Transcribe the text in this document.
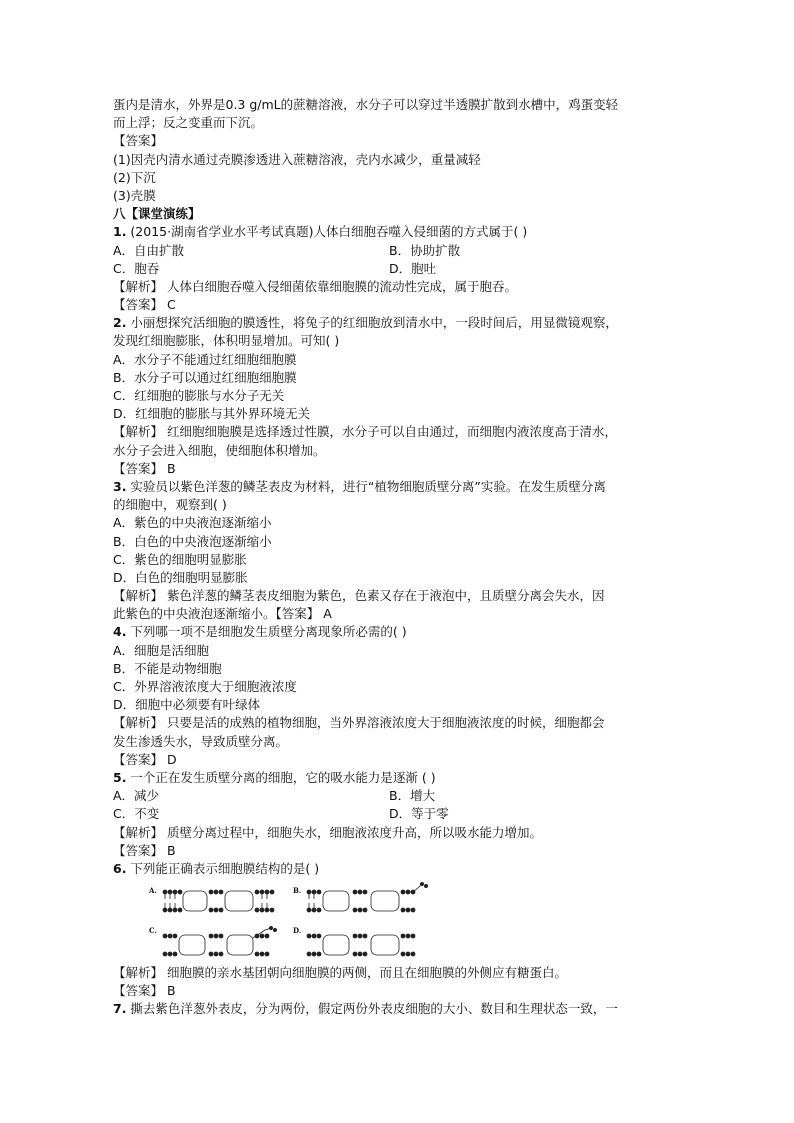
蛋内是清水，外界是0.3 g/mL的蔗糖溶液，水分子可以穿过半透膜扩散到水槽中，鸡蛋变轻
而上浮；反之变重而下沉。
【答案】
(1)因壳内清水通过壳膜渗透进入蔗糖溶液，壳内水减少，重量减轻
(2)下沉
(3)壳膜
八【课堂演练】
1. (2015·湖南省学业水平考试真题)人体白细胞吞噬入侵细菌的方式属于( )
A．自由扩散	B．协助扩散
C．胞吞	D．胞吐
【解析】 人体白细胞吞噬入侵细菌依靠细胞膜的流动性完成，属于胞吞。
【答案】 C
2. 小丽想探究活细胞的膜透性，将兔子的红细胞放到清水中，一段时间后，用显微镜观察，
发现红细胞膨胀，体积明显增加。可知( )
A．水分子不能通过红细胞细胞膜
B．水分子可以通过红细胞细胞膜
C．红细胞的膨胀与水分子无关
D．红细胞的膨胀与其外界环境无关
【解析】 红细胞细胞膜是选择透过性膜，水分子可以自由通过，而细胞内液浓度高于清水，
水分子会进入细胞，使细胞体积增加。
【答案】 B
3. 实验员以紫色洋葱的鳞茎表皮为材料，进行“植物细胞质壁分离”实验。在发生质壁分离
的细胞中，观察到( )
A．紫色的中央液泡逐渐缩小
B．白色的中央液泡逐渐缩小
C．紫色的细胞明显膨胀
D．白色的细胞明显膨胀
【解析】 紫色洋葱的鳞茎表皮细胞为紫色，色素又存在于液泡中，且质壁分离会失水，因
此紫色的中央液泡逐渐缩小。【答案】 A
4. 下列哪一项不是细胞发生质壁分离现象所必需的( )
A．细胞是活细胞
B．不能是动物细胞
C．外界溶液浓度大于细胞液浓度
D．细胞中必须要有叶绿体
【解析】 只要是活的成熟的植物细胞，当外界溶液浓度大于细胞液浓度的时候，细胞都会
发生渗透失水，导致质壁分离。
【答案】 D
5. 一个正在发生质壁分离的细胞，它的吸水能力是逐渐 ( )
A．减少	B．增大
C．不变	D．等于零
【解析】 质壁分离过程中，细胞失水，细胞液浓度升高，所以吸水能力增加。
【答案】 B
6. 下列能正确表示细胞膜结构的是( )
A.	B.
C.	D.
【解析】 细胞膜的亲水基团朝向细胞膜的两侧，而且在细胞膜的外侧应有糖蛋白。
【答案】 B
7. 撕去紫色洋葱外表皮，分为两份，假定两份外表皮细胞的大小、数目和生理状态一致，一
